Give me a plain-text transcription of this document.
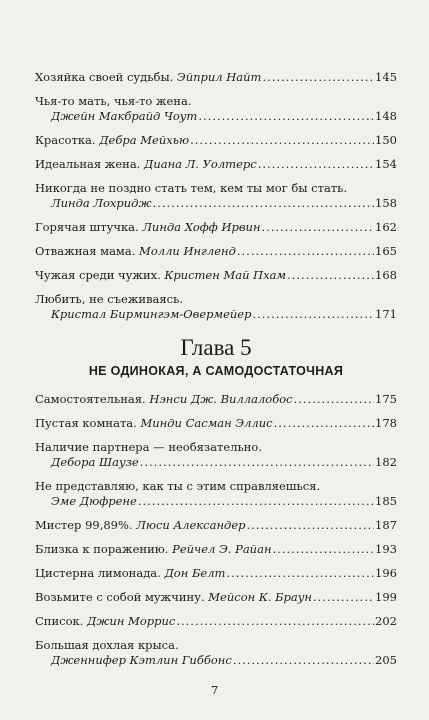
Хозяйка своей судьбы.
Эйприл Найт .....	145
Чья-то мать, чья-то жена.
Джейн Макбрайд Чоут .....	148
Красотка.
Дебра Мейхью .....	150
Идеальная жена.
Диана Л. Уолтерс .....	154
Никогда не поздно стать тем, кем ты мог бы стать.
Линда Лохридж .....	158
Горячая штучка.
Линда Хофф Ирвин .....	162
Отважная мама.
Молли Ингленд .....	165
Чужая среди чужих.
Кристен Май Пхам .....	168
Любить, не съеживаясь.
Кристал Бирмингэм-Овермейер .....	171
Глава 5
НЕ ОДИНОКАЯ, А САМОДОСТАТОЧНАЯ
Самостоятельная.
Нэнси Дж. Виллалобос .....	175
Пустая комната.
Минди Сасман Эллис .....	178
Наличие партнера — необязательно.
Дебора Шаузе .....	182
Не представляю, как ты с этим справляешься.
Эме Дюфрене .....	185
Мистер 99,89%.
Люси Александер .....	187
Близка к поражению.
Рейчел Э. Райан .....	193
Цистерна лимонада.
Дон Белт .....	196
Возьмите с собой мужчину.
Мейсон К. Браун .....	199
Список.
Джин Моррис .....	202
Большая дохлая крыса.
Дженнифер Кэтлин Гиббонс .....	205
7
